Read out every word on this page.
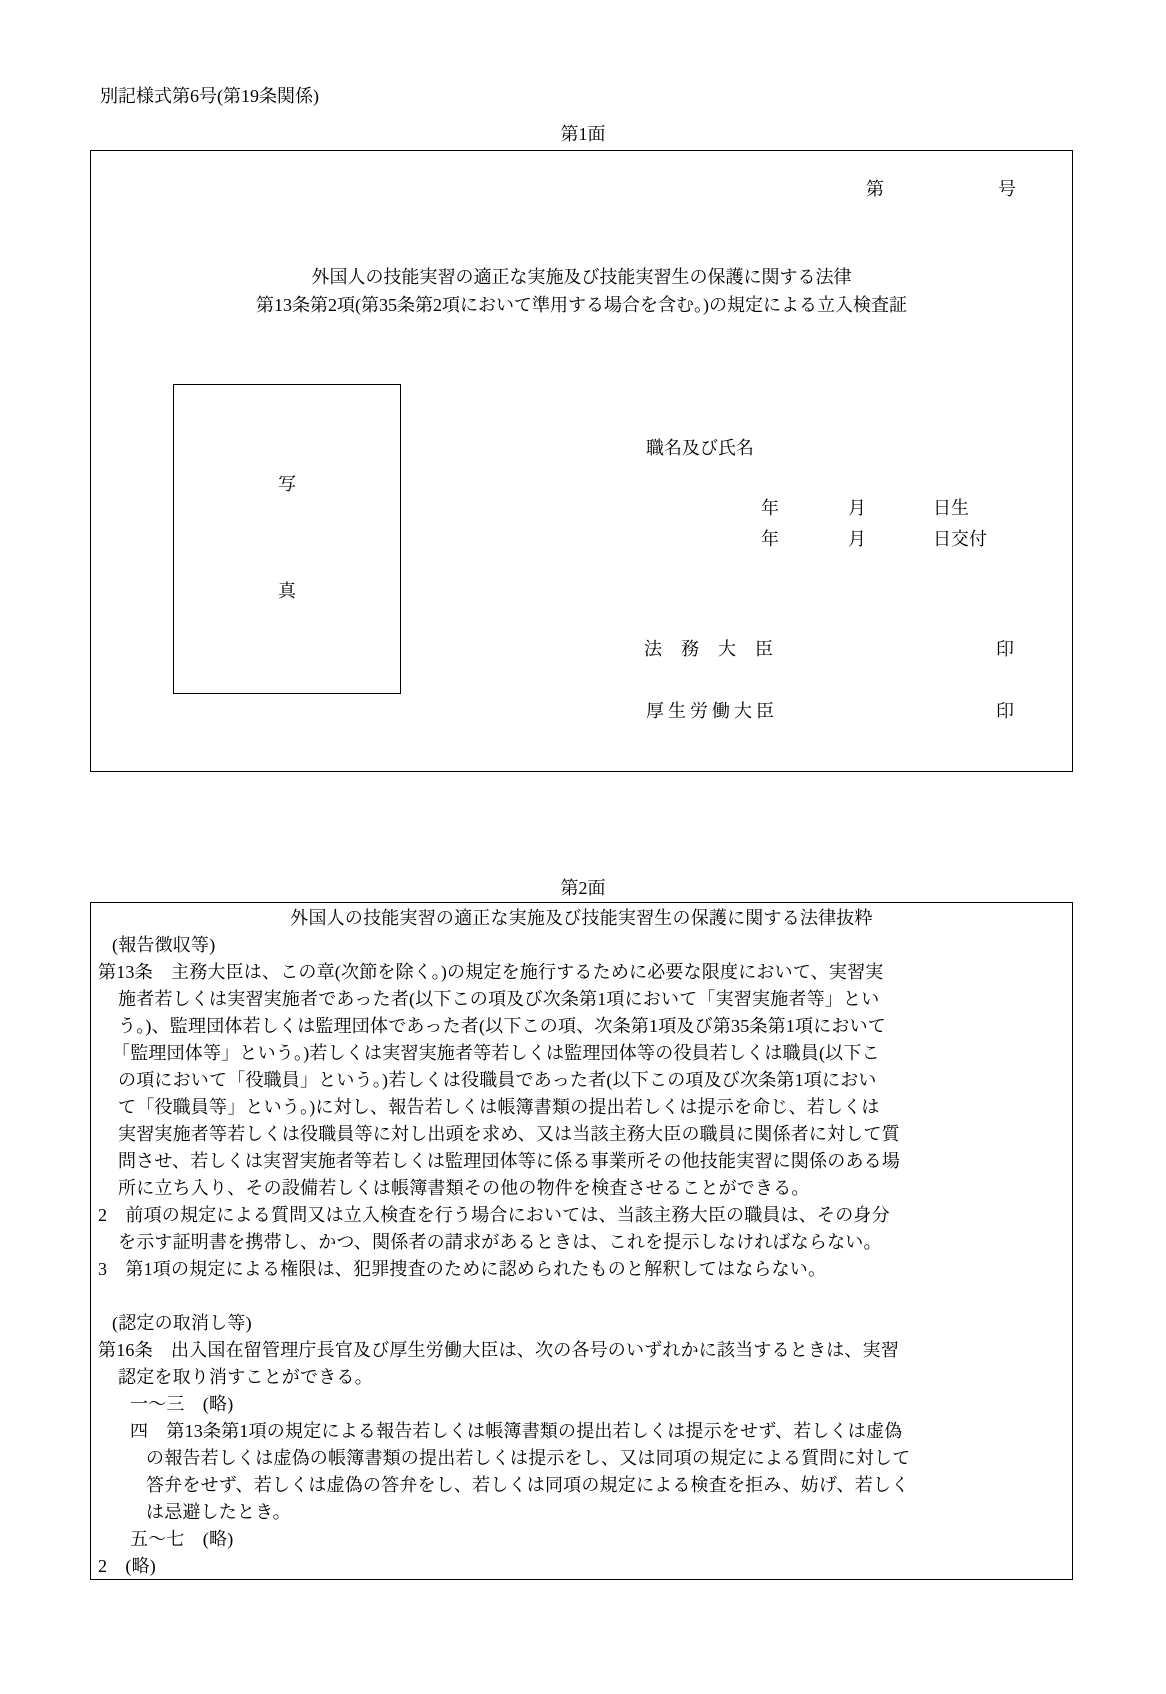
別記様式第6号(第19条関係)
第1面
第	号
外国人の技能実習の適正な実施及び技能実習生の保護に関する法律
第13条第2項(第35条第2項において準用する場合を含む。)の規定による立入検査証
写
真
職名及び氏名
年	月	日生
年	月	日交付
法務大臣	印
厚生労働大臣	印
第2面
外国人の技能実習の適正な実施及び技能実習生の保護に関する法律抜粋
(報告徴収等)
第13条　主務大臣は、この章(次節を除く。)の規定を施行するために必要な限度において、実習実
施者若しくは実習実施者であった者(以下この項及び次条第1項において「実習実施者等」とい
う。)、監理団体若しくは監理団体であった者(以下この項、次条第1項及び第35条第1項において
「監理団体等」という。)若しくは実習実施者等若しくは監理団体等の役員若しくは職員(以下こ
の項において「役職員」という。)若しくは役職員であった者(以下この項及び次条第1項におい
て「役職員等」という。)に対し、報告若しくは帳簿書類の提出若しくは提示を命じ、若しくは
実習実施者等若しくは役職員等に対し出頭を求め、又は当該主務大臣の職員に関係者に対して質
問させ、若しくは実習実施者等若しくは監理団体等に係る事業所その他技能実習に関係のある場
所に立ち入り、その設備若しくは帳簿書類その他の物件を検査させることができる。
2　前項の規定による質問又は立入検査を行う場合においては、当該主務大臣の職員は、その身分
を示す証明書を携帯し、かつ、関係者の請求があるときは、これを提示しなければならない。
3　第1項の規定による権限は、犯罪捜査のために認められたものと解釈してはならない。
(認定の取消し等)
第16条　出入国在留管理庁長官及び厚生労働大臣は、次の各号のいずれかに該当するときは、実習
認定を取り消すことができる。
一〜三　(略)
四　第13条第1項の規定による報告若しくは帳簿書類の提出若しくは提示をせず、若しくは虚偽
の報告若しくは虚偽の帳簿書類の提出若しくは提示をし、又は同項の規定による質問に対して
答弁をせず、若しくは虚偽の答弁をし、若しくは同項の規定による検査を拒み、妨げ、若しく
は忌避したとき。
五〜七　(略)
2　(略)
